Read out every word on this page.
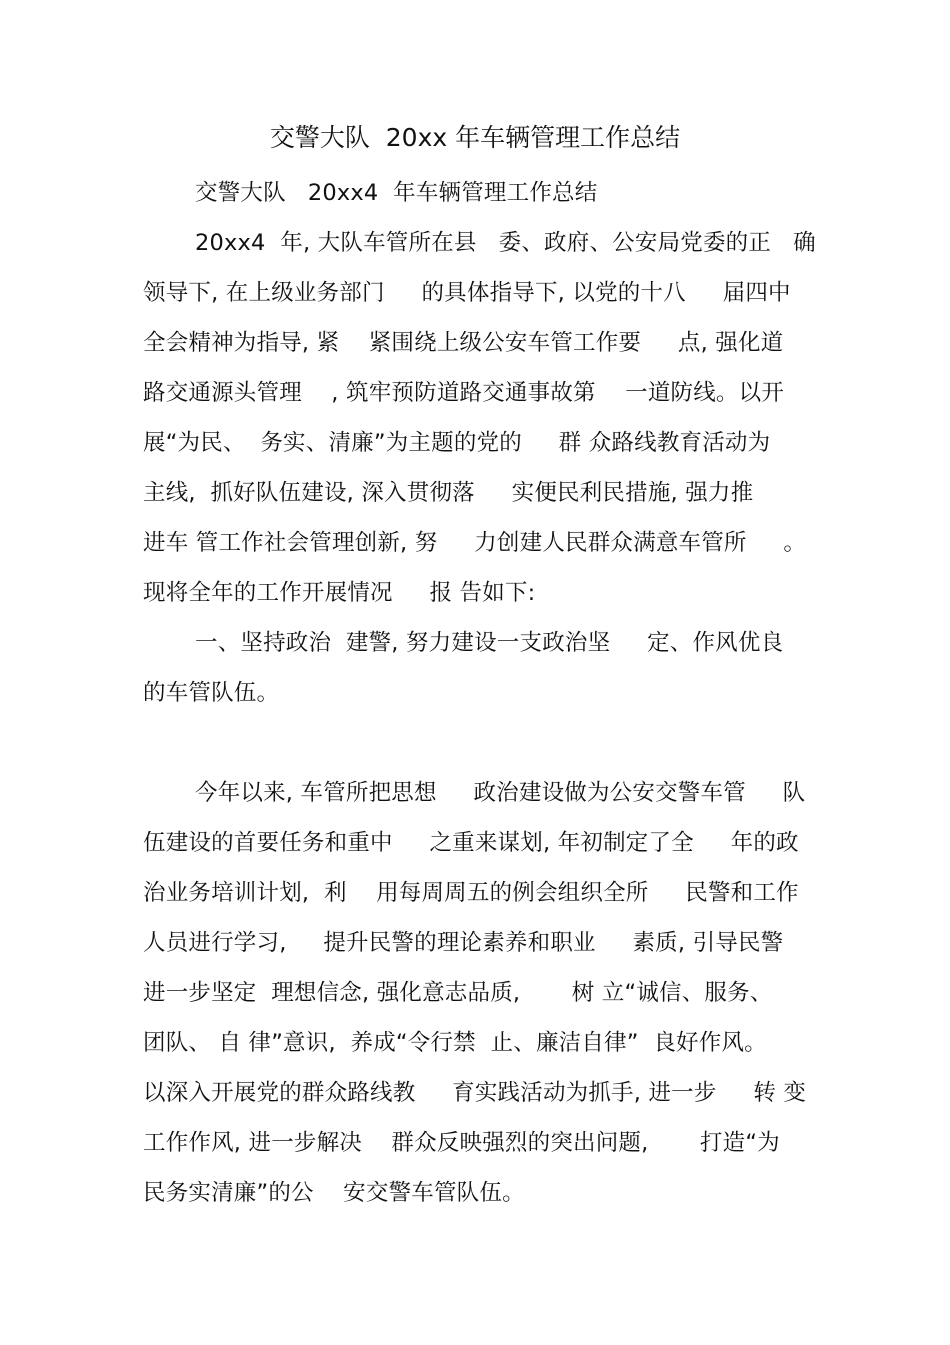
交警大队  20xx 年车辆管理工作总结
交警大队   20xx4  年车辆管理工作总结
20xx4  年, 大队车管所在县   委、政府、公安局党委的正   确
领导下, 在上级业务部门     的具体指导下, 以党的十八     届四中
全会精神为指导, 紧    紧围绕上级公安车管工作要     点, 强化道
路交通源头管理    , 筑牢预防道路交通事故第    一道防线。以开
展“为民、  务实、清廉”为主题的党的     群 众路线教育活动为
主线,  抓好队伍建设, 深入贯彻落     实便民利民措施, 强力推
进车 管工作社会管理创新, 努     力创建人民群众满意车管所     。
现将全年的工作开展情况     报 告如下:
一、坚持政治  建警, 努力建设一支政治坚     定、作风优良
的车管队伍。
今年以来, 车管所把思想     政治建设做为公安交警车管     队
伍建设的首要任务和重中     之重来谋划, 年初制定了全     年的政
治业务培训计划,  利    用每周周五的例会组织全所     民警和工作
人员进行学习,     提升民警的理论素养和职业     素质, 引导民警
进一步坚定  理想信念, 强化意志品质,       树 立“诚信、服务、
团队、 自 律”意识,  养成“令行禁  止、廉洁自律”  良好作风。
以深入开展党的群众路线教     育实践活动为抓手, 进一步     转 变
工作作风, 进一步解决    群众反映强烈的突出问题,       打造“为
民务实清廉”的公    安交警车管队伍。
